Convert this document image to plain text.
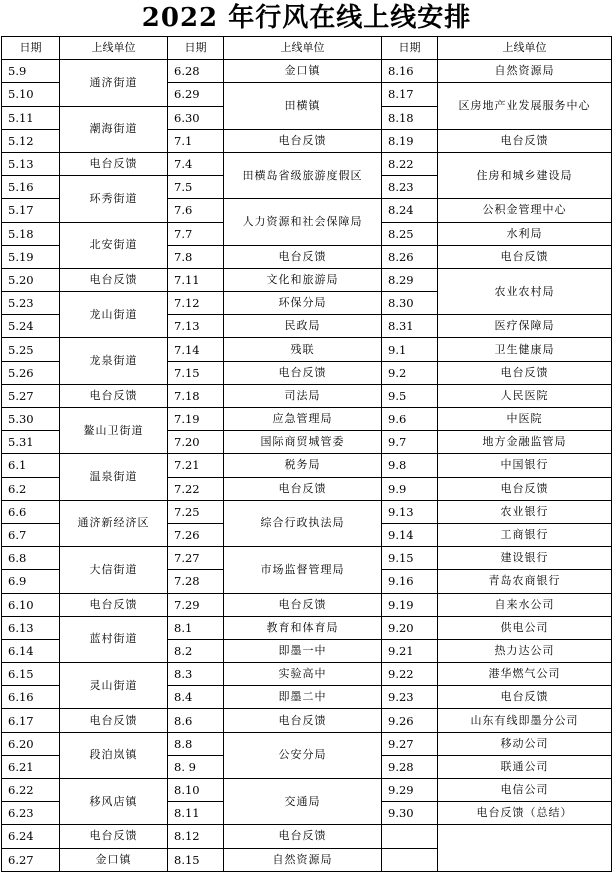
2022 年行风在线上线安排
日期	上线单位	日期	上线单位	日期	上线单位
5.9	通济街道	6.28	金口镇	8.16	自然资源局
5.10		6.29	田横镇	8.17	区房地产业发展服务中心
5.11	潮海街道	6.30		8.18	
5.12		7.1	电台反馈	8.19	电台反馈
5.13	电台反馈	7.4	田横岛省级旅游度假区	8.22	住房和城乡建设局
5.16	环秀街道	7.5		8.23	
5.17		7.6	人力资源和社会保障局	8.24	公积金管理中心
5.18	北安街道	7.7		8.25	水利局
5.19		7.8	电台反馈	8.26	电台反馈
5.20	电台反馈	7.11	文化和旅游局	8.29	农业农村局
5.23	龙山街道	7.12	环保分局	8.30	
5.24		7.13	民政局	8.31	医疗保障局
5.25	龙泉街道	7.14	残联	9.1	卫生健康局
5.26		7.15	电台反馈	9.2	电台反馈
5.27	电台反馈	7.18	司法局	9.5	人民医院
5.30	鳌山卫街道	7.19	应急管理局	9.6	中医院
5.31		7.20	国际商贸城管委	9.7	地方金融监管局
6.1	温泉街道	7.21	税务局	9.8	中国银行
6.2		7.22	电台反馈	9.9	电台反馈
6.6	通济新经济区	7.25	综合行政执法局	9.13	农业银行
6.7		7.26		9.14	工商银行
6.8	大信街道	7.27	市场监督管理局	9.15	建设银行
6.9		7.28		9.16	青岛农商银行
6.10	电台反馈	7.29	电台反馈	9.19	自来水公司
6.13	蓝村街道	8.1	教育和体育局	9.20	供电公司
6.14		8.2	即墨一中	9.21	热力达公司
6.15	灵山街道	8.3	实验高中	9.22	港华燃气公司
6.16		8.4	即墨二中	9.23	电台反馈
6.17	电台反馈	8.6	电台反馈	9.26	山东有线即墨分公司
6.20	段泊岚镇	8.8	公安分局	9.27	移动公司
6.21		8. 9		9.28	联通公司
6.22	移风店镇	8.10	交通局	9.29	电信公司
6.23		8.11		9.30	电台反馈（总结）
6.24	电台反馈	8.12	电台反馈		
6.27	金口镇	8.15	自然资源局		
